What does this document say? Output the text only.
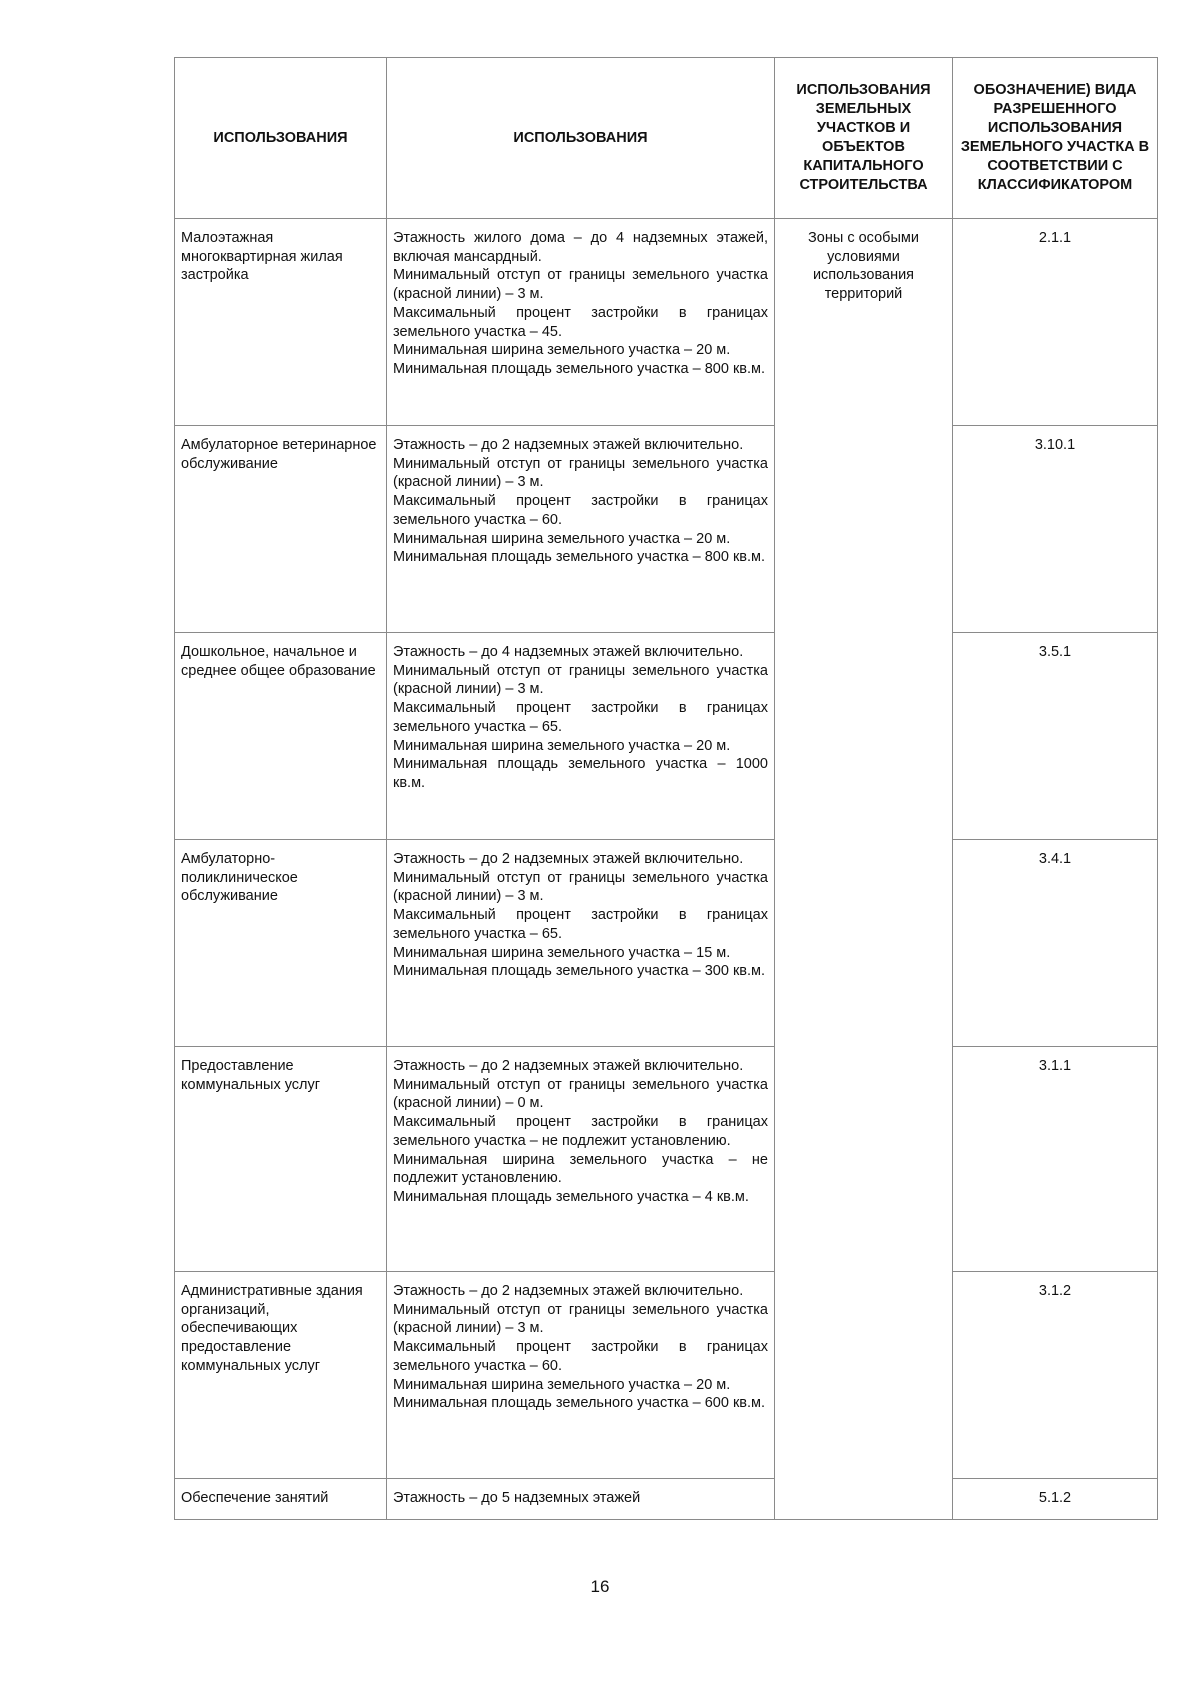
ИСПОЛЬЗОВАНИЯ	ИСПОЛЬЗОВАНИЯ	ИСПОЛЬЗОВАНИЯ ЗЕМЕЛЬНЫХ УЧАСТКОВ И ОБЪЕКТОВ КАПИТАЛЬНОГО СТРОИТЕЛЬСТВА	ОБОЗНАЧЕНИЕ) ВИДА РАЗРЕШЕННОГО ИСПОЛЬЗОВАНИЯ ЗЕМЕЛЬНОГО УЧАСТКА В СООТВЕТСТВИИ С КЛАССИФИКАТОРОМ
Малоэтажная многоквартирная жилая застройка	Этажность жилого дома – до 4 надземных этажей, включая мансардный.
Минимальный отступ от границы земельного участка (красной линии) – 3 м.
Максимальный процент застройки в границах земельного участка – 45.
Минимальная ширина земельного участка – 20 м.
Минимальная площадь земельного участка – 800 кв.м.	Зоны с особыми условиями использования территорий	2.1.1
Амбулаторное ветеринарное обслуживание	Этажность – до 2 надземных этажей включительно.
Минимальный отступ от границы земельного участка (красной линии) – 3 м.
Максимальный процент застройки в границах земельного участка – 60.
Минимальная ширина земельного участка – 20 м.
Минимальная площадь земельного участка – 800 кв.м.		3.10.1
Дошкольное, начальное и среднее общее образование	Этажность – до 4 надземных этажей включительно.
Минимальный отступ от границы земельного участка (красной линии) – 3 м.
Максимальный процент застройки в границах земельного участка – 65.
Минимальная ширина земельного участка – 20 м.
Минимальная площадь земельного участка – 1000 кв.м.		3.5.1
Амбулаторно-поликлиническое обслуживание	Этажность – до 2 надземных этажей включительно.
Минимальный отступ от границы земельного участка (красной линии) – 3 м.
Максимальный процент застройки в границах земельного участка – 65.
Минимальная ширина земельного участка – 15 м.
Минимальная площадь земельного участка – 300 кв.м.		3.4.1
Предоставление коммунальных услуг	Этажность – до 2 надземных этажей включительно.
Минимальный отступ от границы земельного участка (красной линии) – 0 м.
Максимальный процент застройки в границах земельного участка – не подлежит установлению.
Минимальная ширина земельного участка – не подлежит установлению.
Минимальная площадь земельного участка – 4 кв.м.		3.1.1
Административные здания организаций, обеспечивающих предоставление коммунальных услуг	Этажность – до 2 надземных этажей включительно.
Минимальный отступ от границы земельного участка (красной линии) – 3 м.
Максимальный процент застройки в границах земельного участка – 60.
Минимальная ширина земельного участка – 20 м.
Минимальная площадь земельного участка – 600 кв.м.		3.1.2
Обеспечение занятий	Этажность – до 5 надземных этажей		5.1.2
16
